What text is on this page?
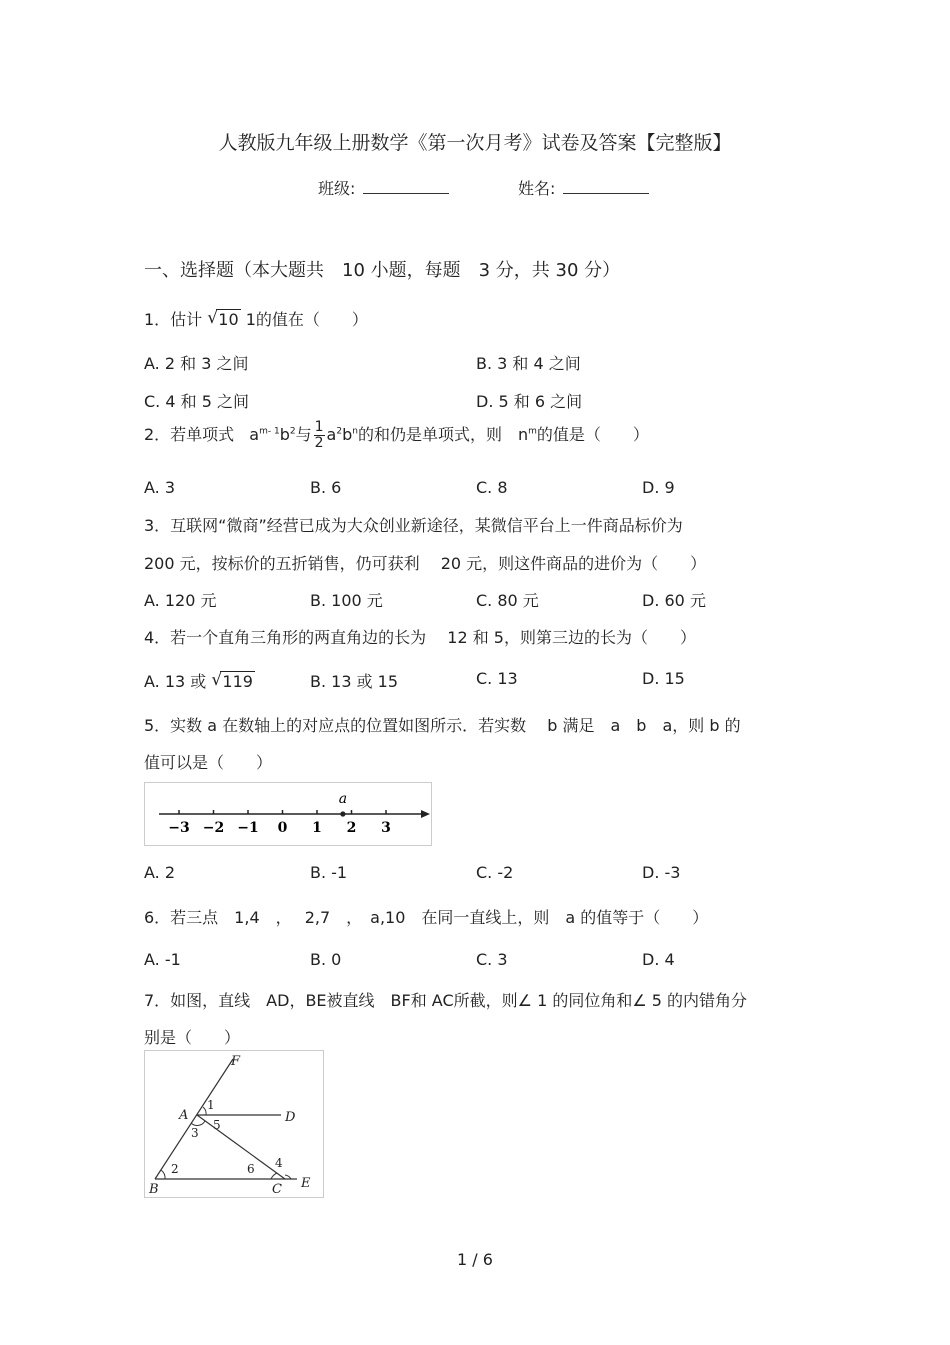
人教版九年级上册数学《第一次月考》试卷及答案【完整版】
班级:	姓名:
一、选择题（本大题共　10 小题，每题　3 分，共 30 分）
1．估计 √ 10 1的值在（　　）
A. 2 和 3 之间	B. 3 和 4 之间
C. 4 和 5 之间	D. 5 和 6 之间
2．若单项式 $a^{m- 1}b^2$与 $\frac{1}{2} a^2b^n$的和仍是单项式，则　$n^m$的值是（　　）
A. 3	B. 6	C. 8	D. 9
3．互联网“微商”经营已成为大众创业新途径，某微信平台上一件商品标价为
200 元，按标价的五折销售，仍可获利　 20 元，则这件商品的进价为（　　）
A. 120 元	B. 100 元	C. 80 元	D. 60 元
4．若一个直角三角形的两直角边的长为　 12 和 5，则第三边的长为（　　）
A. 13 或 √ 119	B. 13 或 15	C. 13	D. 15
5．实数 a 在数轴上的对应点的位置如图所示．若实数　 b 满足　a　b　a，则 b 的
值可以是（　　）
−3 −2 −1 0 1 2 3
a
A. 2	B. -1	C. -2	D. -3
6．若三点　1,4　，　 2,7　，　a,10　在同一直线上，则　a 的值等于（　　）
A. -1	B. 0	C. 3	D. 4
7．如图，直线　AD，BE被直线　BF和 AC所截，则∠ 1 的同位角和∠ 5 的内错角分
别是（　　）
F
A	D
B	C E
1
2
3
4
5
6
1 / 6
